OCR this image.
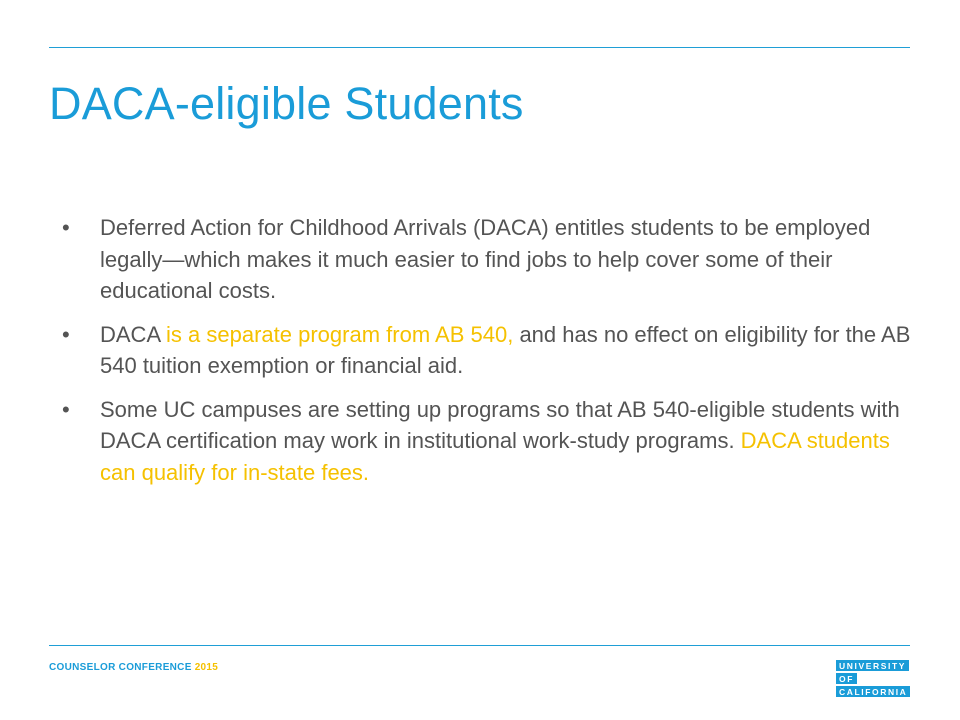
DACA-eligible Students
• Deferred Action for Childhood Arrivals (DACA) entitles students to be employed legally—which makes it much easier to find jobs to help cover some of their educational costs.
• DACA is a separate program from AB 540, and has no effect on eligibility for the AB 540 tuition exemption or financial aid.
• Some UC campuses are setting up programs so that AB 540-eligible students with DACA certification may work in institutional work-study programs. DACA students can qualify for in-state fees.
COUNSELOR CONFERENCE 2015	UNIVERSITY
OF
CALIFORNIA
